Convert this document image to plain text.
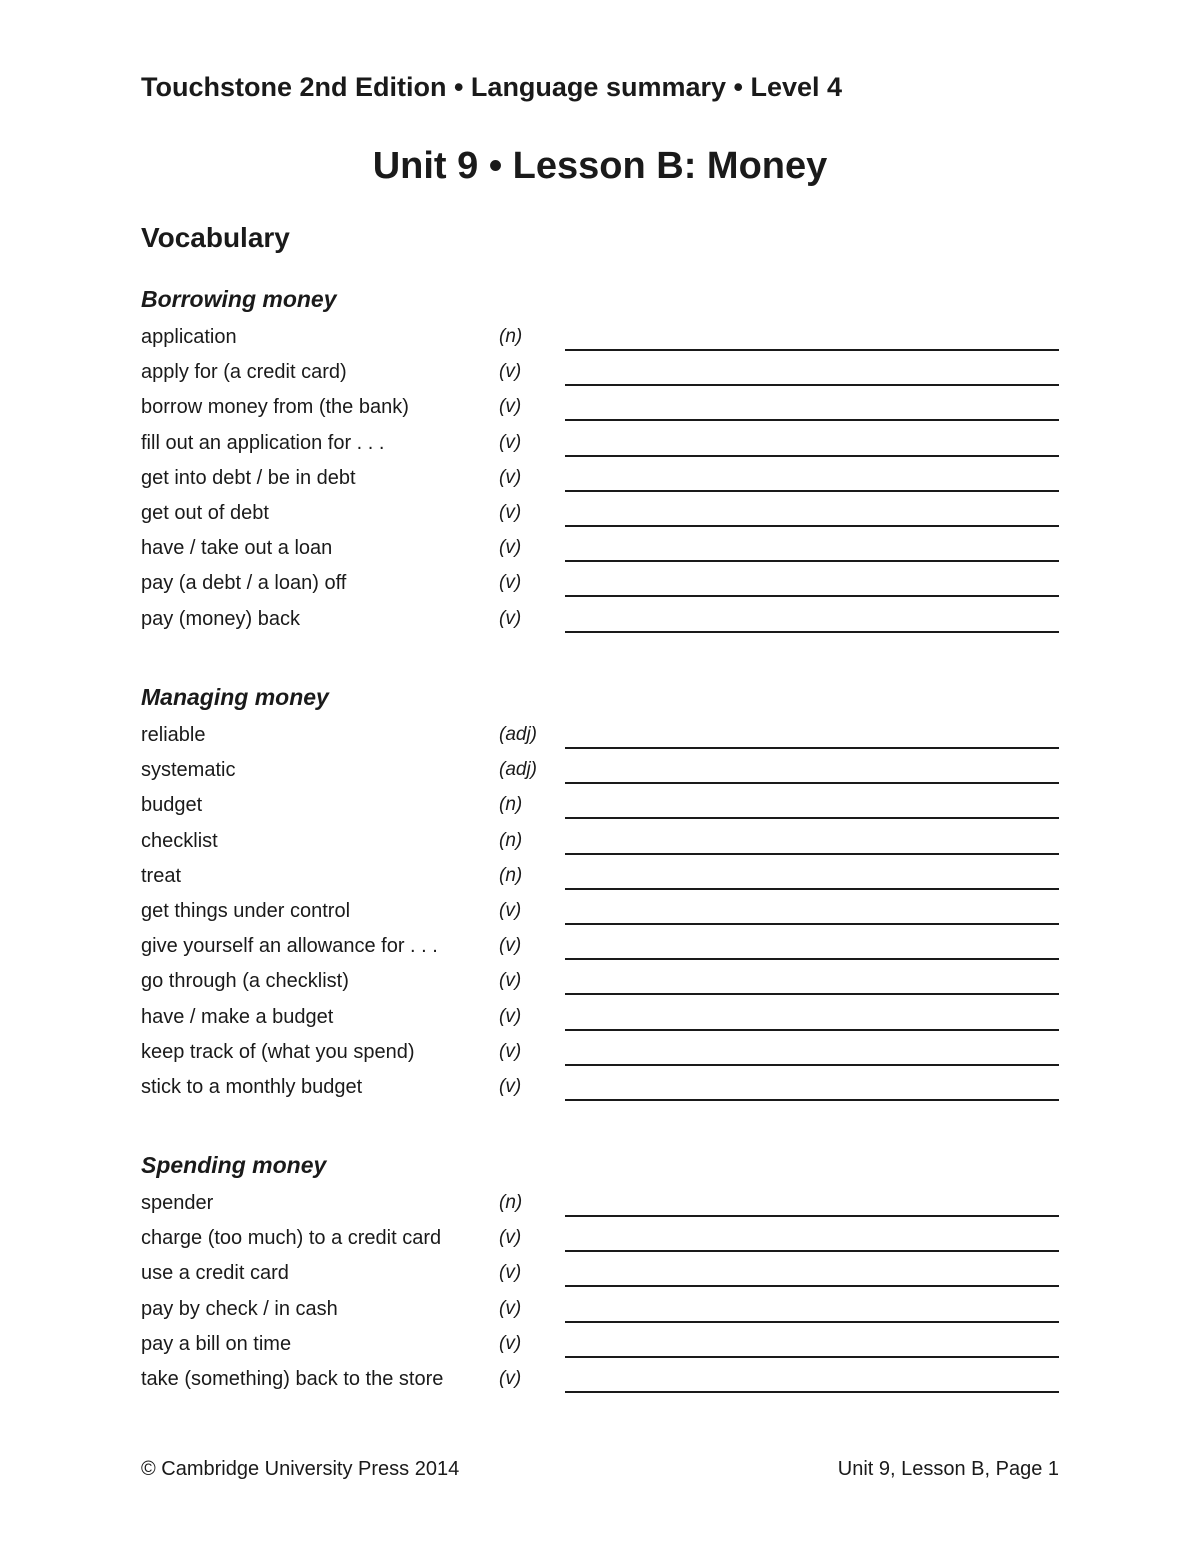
Touchstone 2nd Edition • Language summary • Level 4
Unit 9 • Lesson B: Money
Vocabulary
Borrowing money
application	(n)
apply for (a credit card)	(v)
borrow money from (the bank)	(v)
fill out an application for . . .	(v)
get into debt / be in debt	(v)
get out of debt	(v)
have / take out a loan	(v)
pay (a debt / a loan) off	(v)
pay (money) back	(v)
Managing money
reliable	(adj)
systematic	(adj)
budget	(n)
checklist	(n)
treat	(n)
get things under control	(v)
give yourself an allowance for . . .	(v)
go through (a checklist)	(v)
have / make a budget	(v)
keep track of (what you spend)	(v)
stick to a monthly budget	(v)
Spending money
spender	(n)
charge (too much) to a credit card	(v)
use a credit card	(v)
pay by check / in cash	(v)
pay a bill on time	(v)
take (something) back to the store	(v)
© Cambridge University Press 2014	Unit 9, Lesson B, Page 1
